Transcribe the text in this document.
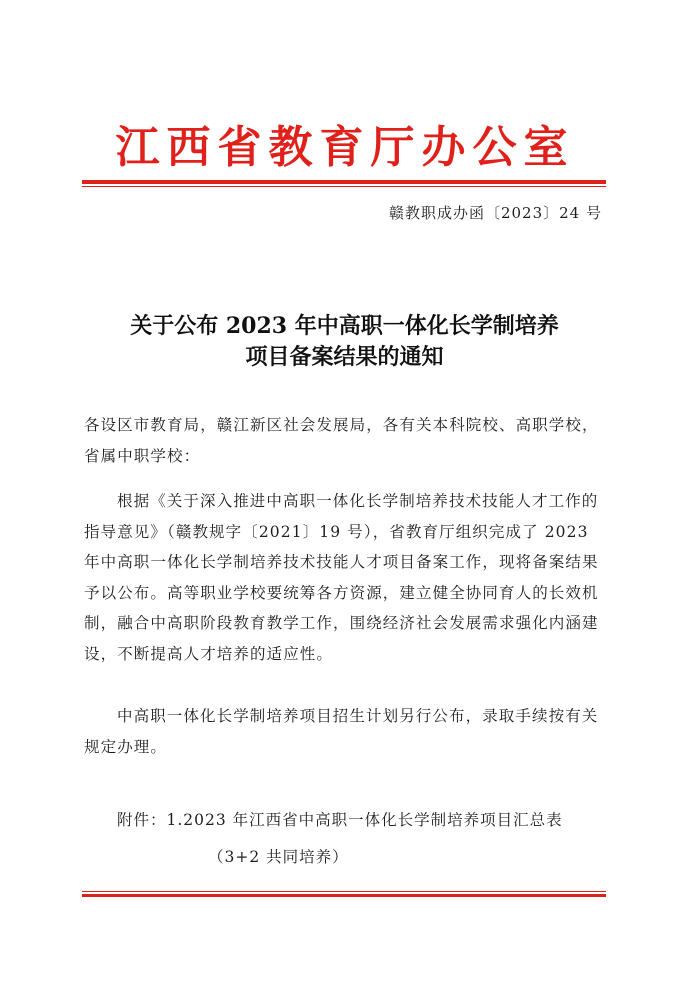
江西省教育厅办公室
赣教职成办函〔2023〕24 号
关于公布 2023 年中高职一体化长学制培养
项目备案结果的通知
各设区市教育局，赣江新区社会发展局，各有关本科院校、高职学校，省属中职学校：
根据《关于深入推进中高职一体化长学制培养技术技能人才工作的指导意见》（赣教规字〔2021〕19 号），省教育厅组织完成了 2023 年中高职一体化长学制培养技术技能人才项目备案工作，现将备案结果予以公布。高等职业学校要统筹各方资源，建立健全协同育人的长效机制，融合中高职阶段教育教学工作，围绕经济社会发展需求强化内涵建设，不断提高人才培养的适应性。
中高职一体化长学制培养项目招生计划另行公布，录取手续按有关规定办理。
附件：1.2023 年江西省中高职一体化长学制培养项目汇总表
（3+2 共同培养）
